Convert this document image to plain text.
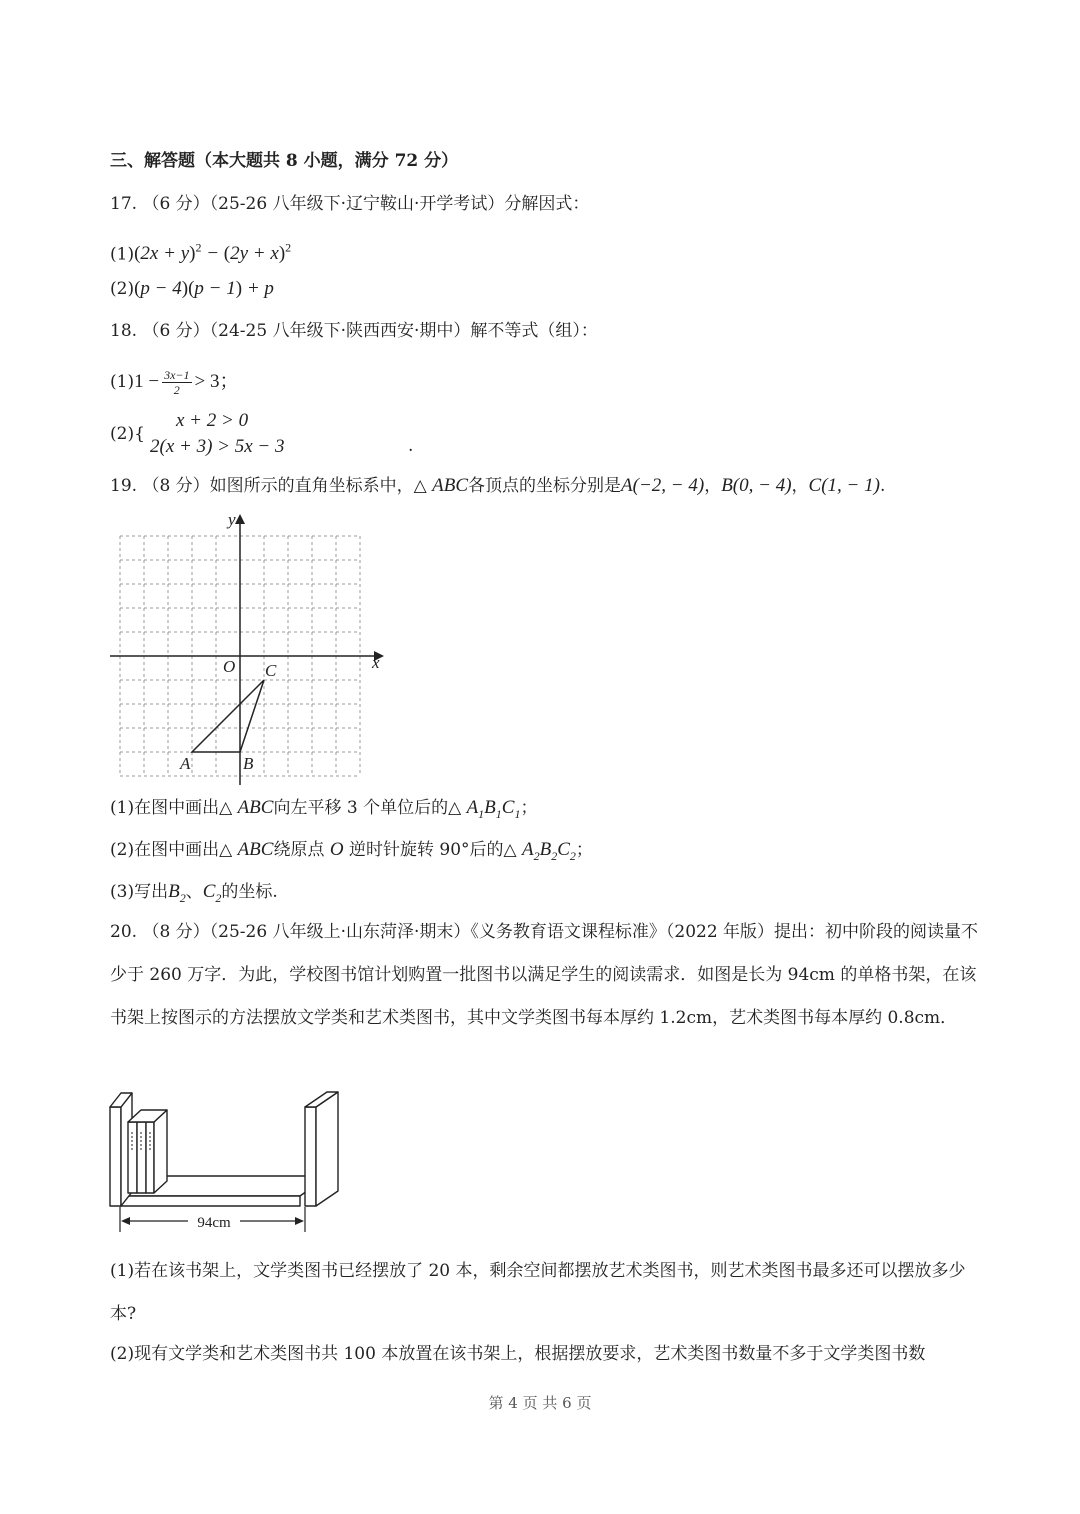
三、解答题（本大题共 8 小题，满分 72 分）
17. （6 分）（25-26 八年级下·辽宁鞍山·开学考试）分解因式：
$(1)(2x + y)^2 - (2y + x)^2$
(2)(p − 4)(p − 1) + p
18. （6 分）（24-25 八年级下·陕西西安·期中）解不等式（组）：
$(1)1 - \frac{3x-1}{2} > 3$；
(2){
x + 2 > 0
2(x + 3) > 5x − 3	.
19. （8 分）如图所示的直角坐标系中，△ ABC各顶点的坐标分别是A(−2, − 4)，B(0, − 4)，C(1, − 1).
x
y
O
A	B
C
(1)在图中画出△ ABC向左平移 3 个单位后的△ $A_1B_1C_1$；
(2)在图中画出△ ABC绕原点 O 逆时针旋转 90°后的△ $A_2B_2C_2$；
(3)写出$B_2$、$C_2$的坐标.
20. （8 分）（25-26 八年级上·山东菏泽·期末）《义务教育语文课程标准》（2022 年版）提出：初中阶段的阅读量不少于 260 万字．为此，学校图书馆计划购置一批图书以满足学生的阅读需求．如图是长为 94cm 的单格书架，在该书架上按图示的方法摆放文学类和艺术类图书，其中文学类图书每本厚约 1.2cm，艺术类图书每本厚约 0.8cm．
94cm
(1)若在该书架上，文学类图书已经摆放了 20 本，剩余空间都摆放艺术类图书，则艺术类图书最多还可以摆放多少本?
(2)现有文学类和艺术类图书共 100 本放置在该书架上，根据摆放要求，艺术类图书数量不多于文学类图书数
第 4 页 共 6 页
